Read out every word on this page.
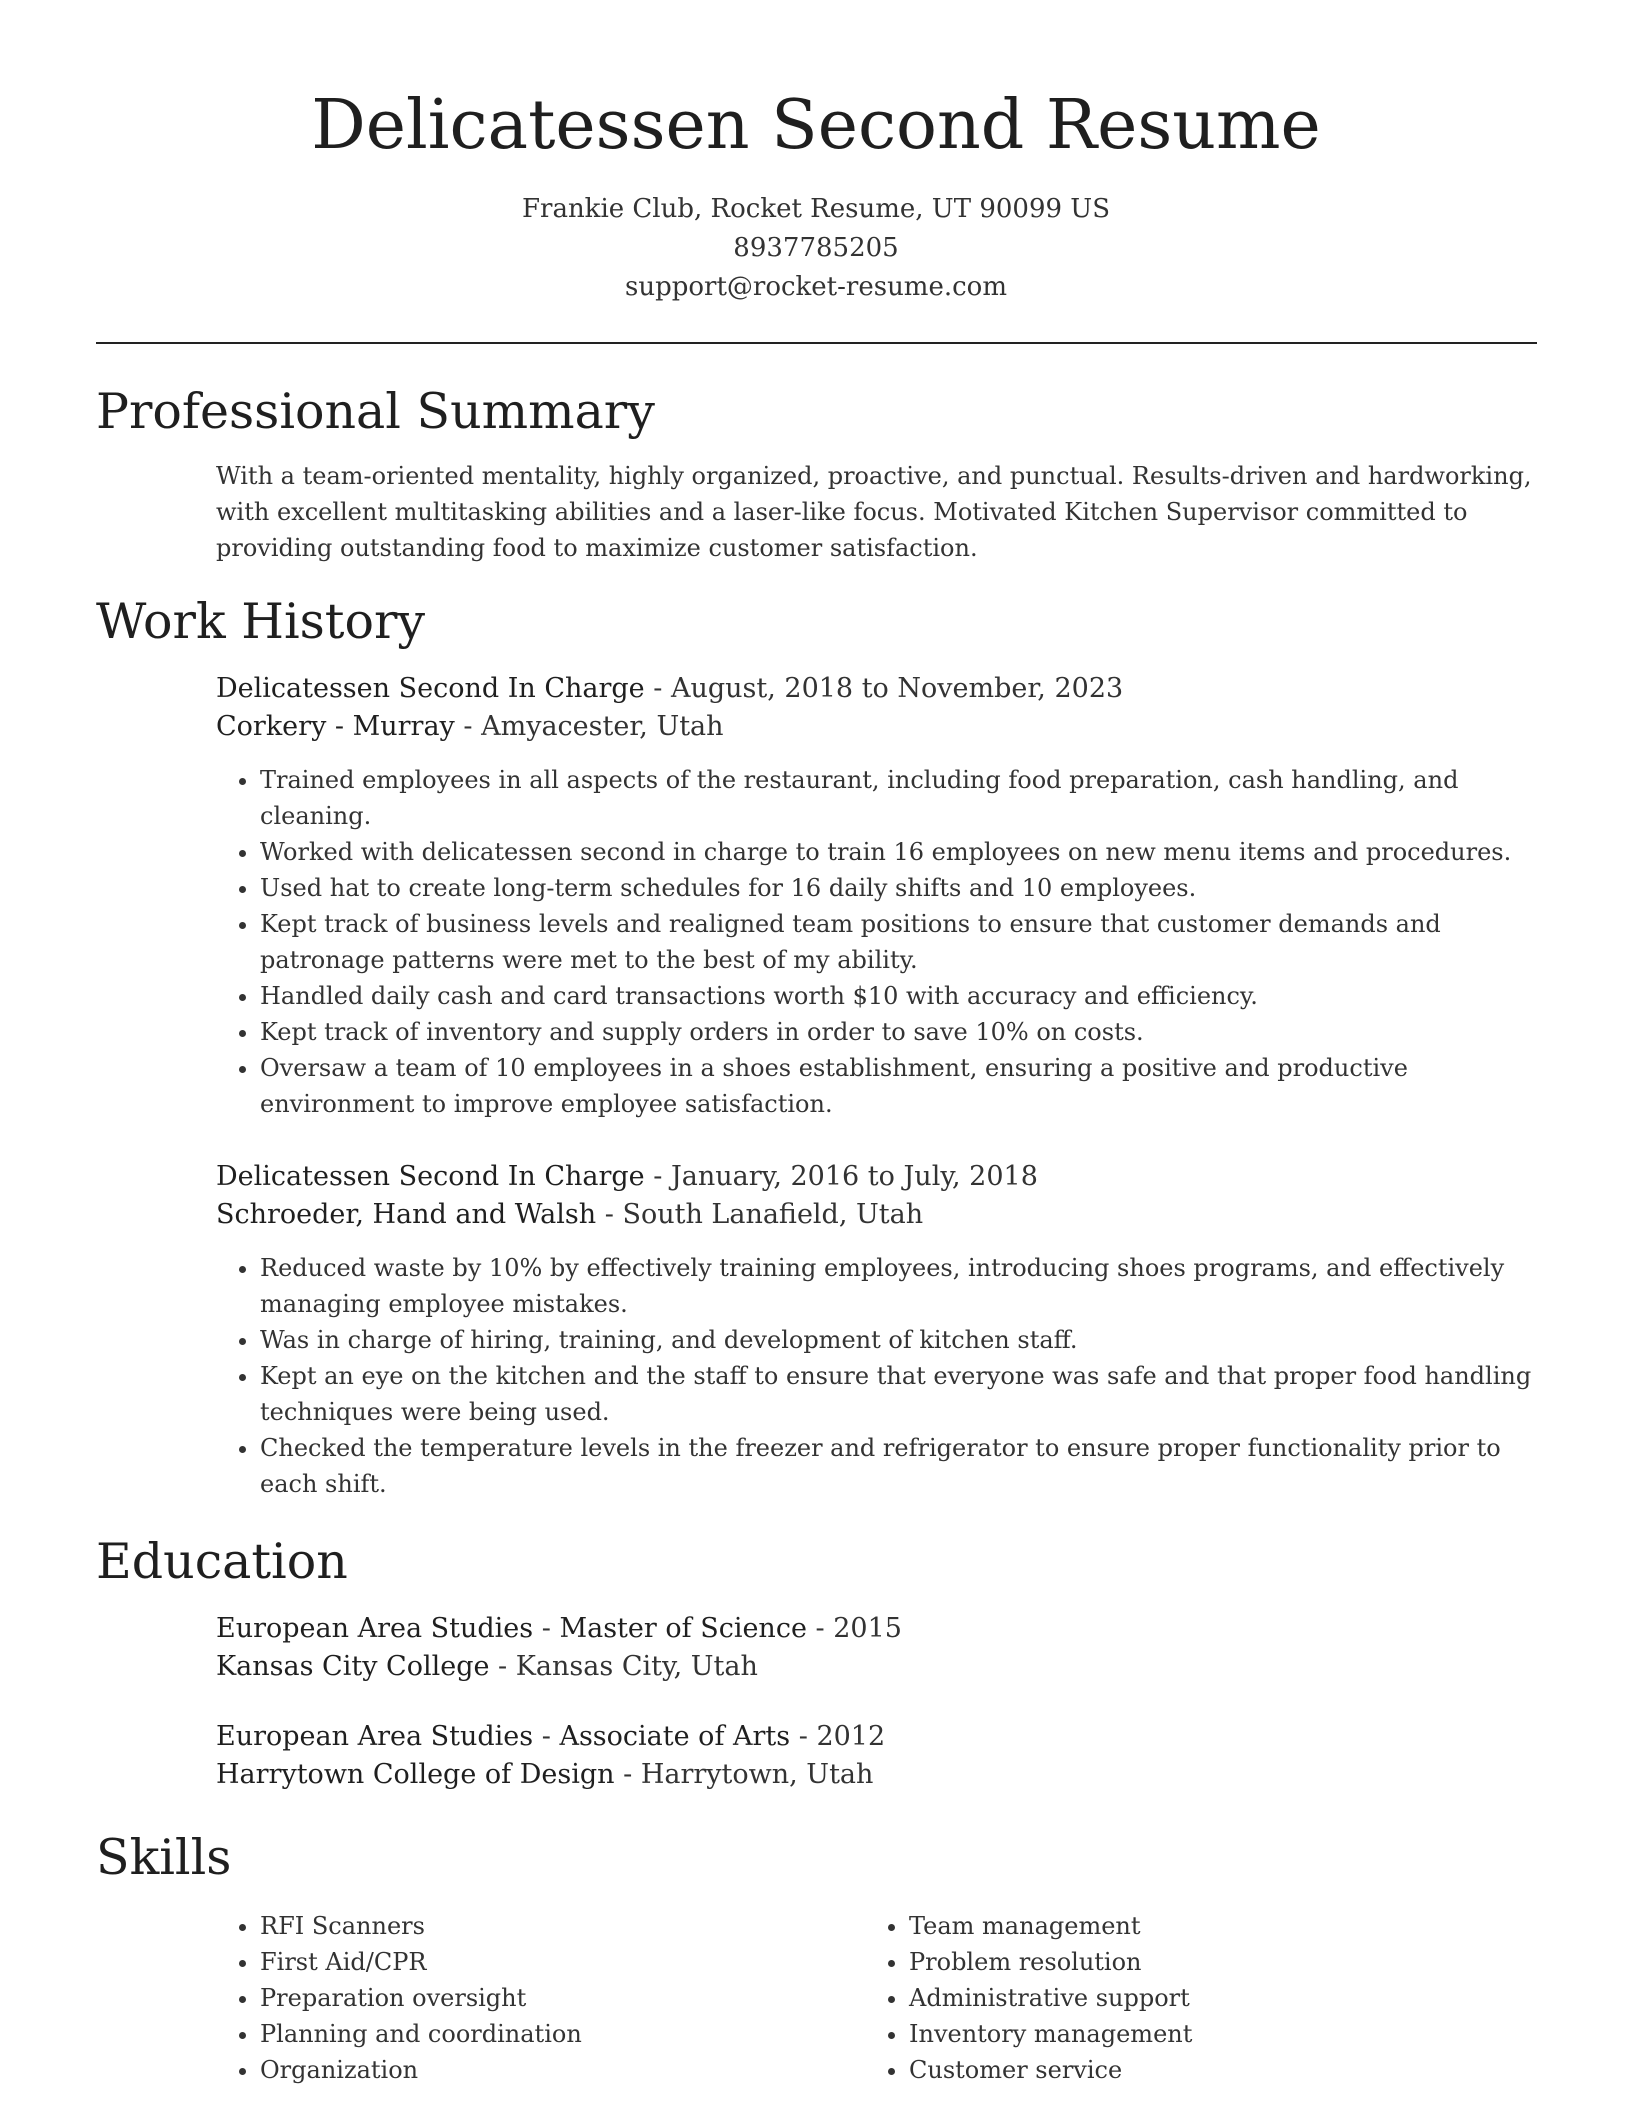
Delicatessen Second Resume
Frankie Club, Rocket Resume, UT 90099 US
8937785205
support@rocket-resume.com
Professional Summary

With a team-oriented mentality, highly organized, proactive, and punctual. Results-driven and hardworking, with excellent multitasking abilities and a laser-like focus. Motivated Kitchen Supervisor committed to providing outstanding food to maximize customer satisfaction.

Work History
Delicatessen Second In Charge - August, 2018 to November, 2023
Corkery - Murray - Amyacester, Utah
• Trained employees in all aspects of the restaurant, including food preparation, cash handling, and cleaning.
• Worked with delicatessen second in charge to train 16 employees on new menu items and procedures.
• Used hat to create long-term schedules for 16 daily shifts and 10 employees.
• Kept track of business levels and realigned team positions to ensure that customer demands and patronage patterns were met to the best of my ability.
• Handled daily cash and card transactions worth $10 with accuracy and efficiency.
• Kept track of inventory and supply orders in order to save 10% on costs.
• Oversaw a team of 10 employees in a shoes establishment, ensuring a positive and productive environment to improve employee satisfaction.
Delicatessen Second In Charge - January, 2016 to July, 2018
Schroeder, Hand and Walsh - South Lanafield, Utah
• Reduced waste by 10% by effectively training employees, introducing shoes programs, and effectively managing employee mistakes.
• Was in charge of hiring, training, and development of kitchen staff.
• Kept an eye on the kitchen and the staff to ensure that everyone was safe and that proper food handling techniques were being used.
• Checked the temperature levels in the freezer and refrigerator to ensure proper functionality prior to each shift.
Education
European Area Studies - Master of Science - 2015
Kansas City College - Kansas City, Utah
European Area Studies - Associate of Arts - 2012
Harrytown College of Design - Harrytown, Utah
Skills
• RFI Scanners
• First Aid/CPR
• Preparation oversight
• Planning and coordination
• Organization
• Team management
• Problem resolution
• Administrative support
• Inventory management
• Customer service
